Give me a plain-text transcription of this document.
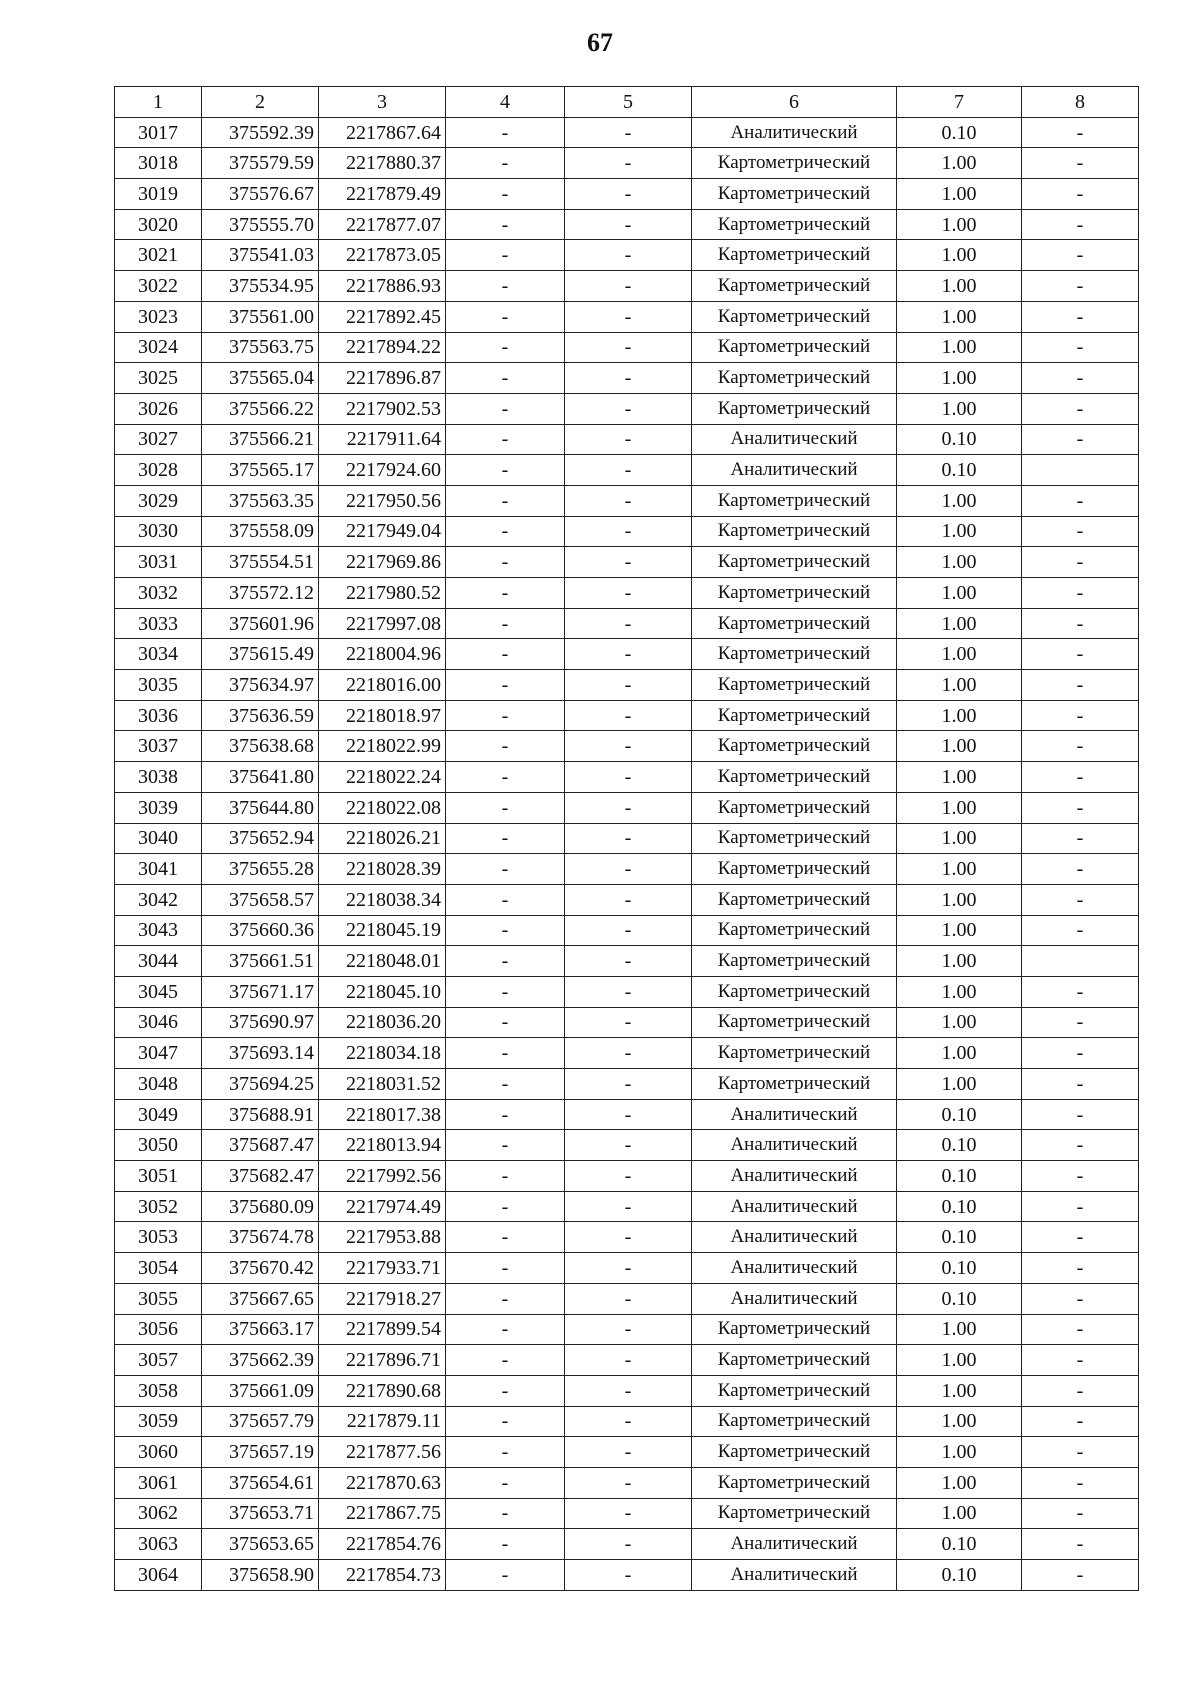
67
1	2	3	4	5	6	7	8
3017	375592.39	2217867.64	-	-	Аналитический	0.10	-
3018	375579.59	2217880.37	-	-	Картометрический	1.00	-
3019	375576.67	2217879.49	-	-	Картометрический	1.00	-
3020	375555.70	2217877.07	-	-	Картометрический	1.00	-
3021	375541.03	2217873.05	-	-	Картометрический	1.00	-
3022	375534.95	2217886.93	-	-	Картометрический	1.00	-
3023	375561.00	2217892.45	-	-	Картометрический	1.00	-
3024	375563.75	2217894.22	-	-	Картометрический	1.00	-
3025	375565.04	2217896.87	-	-	Картометрический	1.00	-
3026	375566.22	2217902.53	-	-	Картометрический	1.00	-
3027	375566.21	2217911.64	-	-	Аналитический	0.10	-
3028	375565.17	2217924.60	-	-	Аналитический	0.10	
3029	375563.35	2217950.56	-	-	Картометрический	1.00	-
3030	375558.09	2217949.04	-	-	Картометрический	1.00	-
3031	375554.51	2217969.86	-	-	Картометрический	1.00	-
3032	375572.12	2217980.52	-	-	Картометрический	1.00	-
3033	375601.96	2217997.08	-	-	Картометрический	1.00	-
3034	375615.49	2218004.96	-	-	Картометрический	1.00	-
3035	375634.97	2218016.00	-	-	Картометрический	1.00	-
3036	375636.59	2218018.97	-	-	Картометрический	1.00	-
3037	375638.68	2218022.99	-	-	Картометрический	1.00	-
3038	375641.80	2218022.24	-	-	Картометрический	1.00	-
3039	375644.80	2218022.08	-	-	Картометрический	1.00	-
3040	375652.94	2218026.21	-	-	Картометрический	1.00	-
3041	375655.28	2218028.39	-	-	Картометрический	1.00	-
3042	375658.57	2218038.34	-	-	Картометрический	1.00	-
3043	375660.36	2218045.19	-	-	Картометрический	1.00	-
3044	375661.51	2218048.01	-	-	Картометрический	1.00	
3045	375671.17	2218045.10	-	-	Картометрический	1.00	-
3046	375690.97	2218036.20	-	-	Картометрический	1.00	-
3047	375693.14	2218034.18	-	-	Картометрический	1.00	-
3048	375694.25	2218031.52	-	-	Картометрический	1.00	-
3049	375688.91	2218017.38	-	-	Аналитический	0.10	-
3050	375687.47	2218013.94	-	-	Аналитический	0.10	-
3051	375682.47	2217992.56	-	-	Аналитический	0.10	-
3052	375680.09	2217974.49	-	-	Аналитический	0.10	-
3053	375674.78	2217953.88	-	-	Аналитический	0.10	-
3054	375670.42	2217933.71	-	-	Аналитический	0.10	-
3055	375667.65	2217918.27	-	-	Аналитический	0.10	-
3056	375663.17	2217899.54	-	-	Картометрический	1.00	-
3057	375662.39	2217896.71	-	-	Картометрический	1.00	-
3058	375661.09	2217890.68	-	-	Картометрический	1.00	-
3059	375657.79	2217879.11	-	-	Картометрический	1.00	-
3060	375657.19	2217877.56	-	-	Картометрический	1.00	-
3061	375654.61	2217870.63	-	-	Картометрический	1.00	-
3062	375653.71	2217867.75	-	-	Картометрический	1.00	-
3063	375653.65	2217854.76	-	-	Аналитический	0.10	-
3064	375658.90	2217854.73	-	-	Аналитический	0.10	-
